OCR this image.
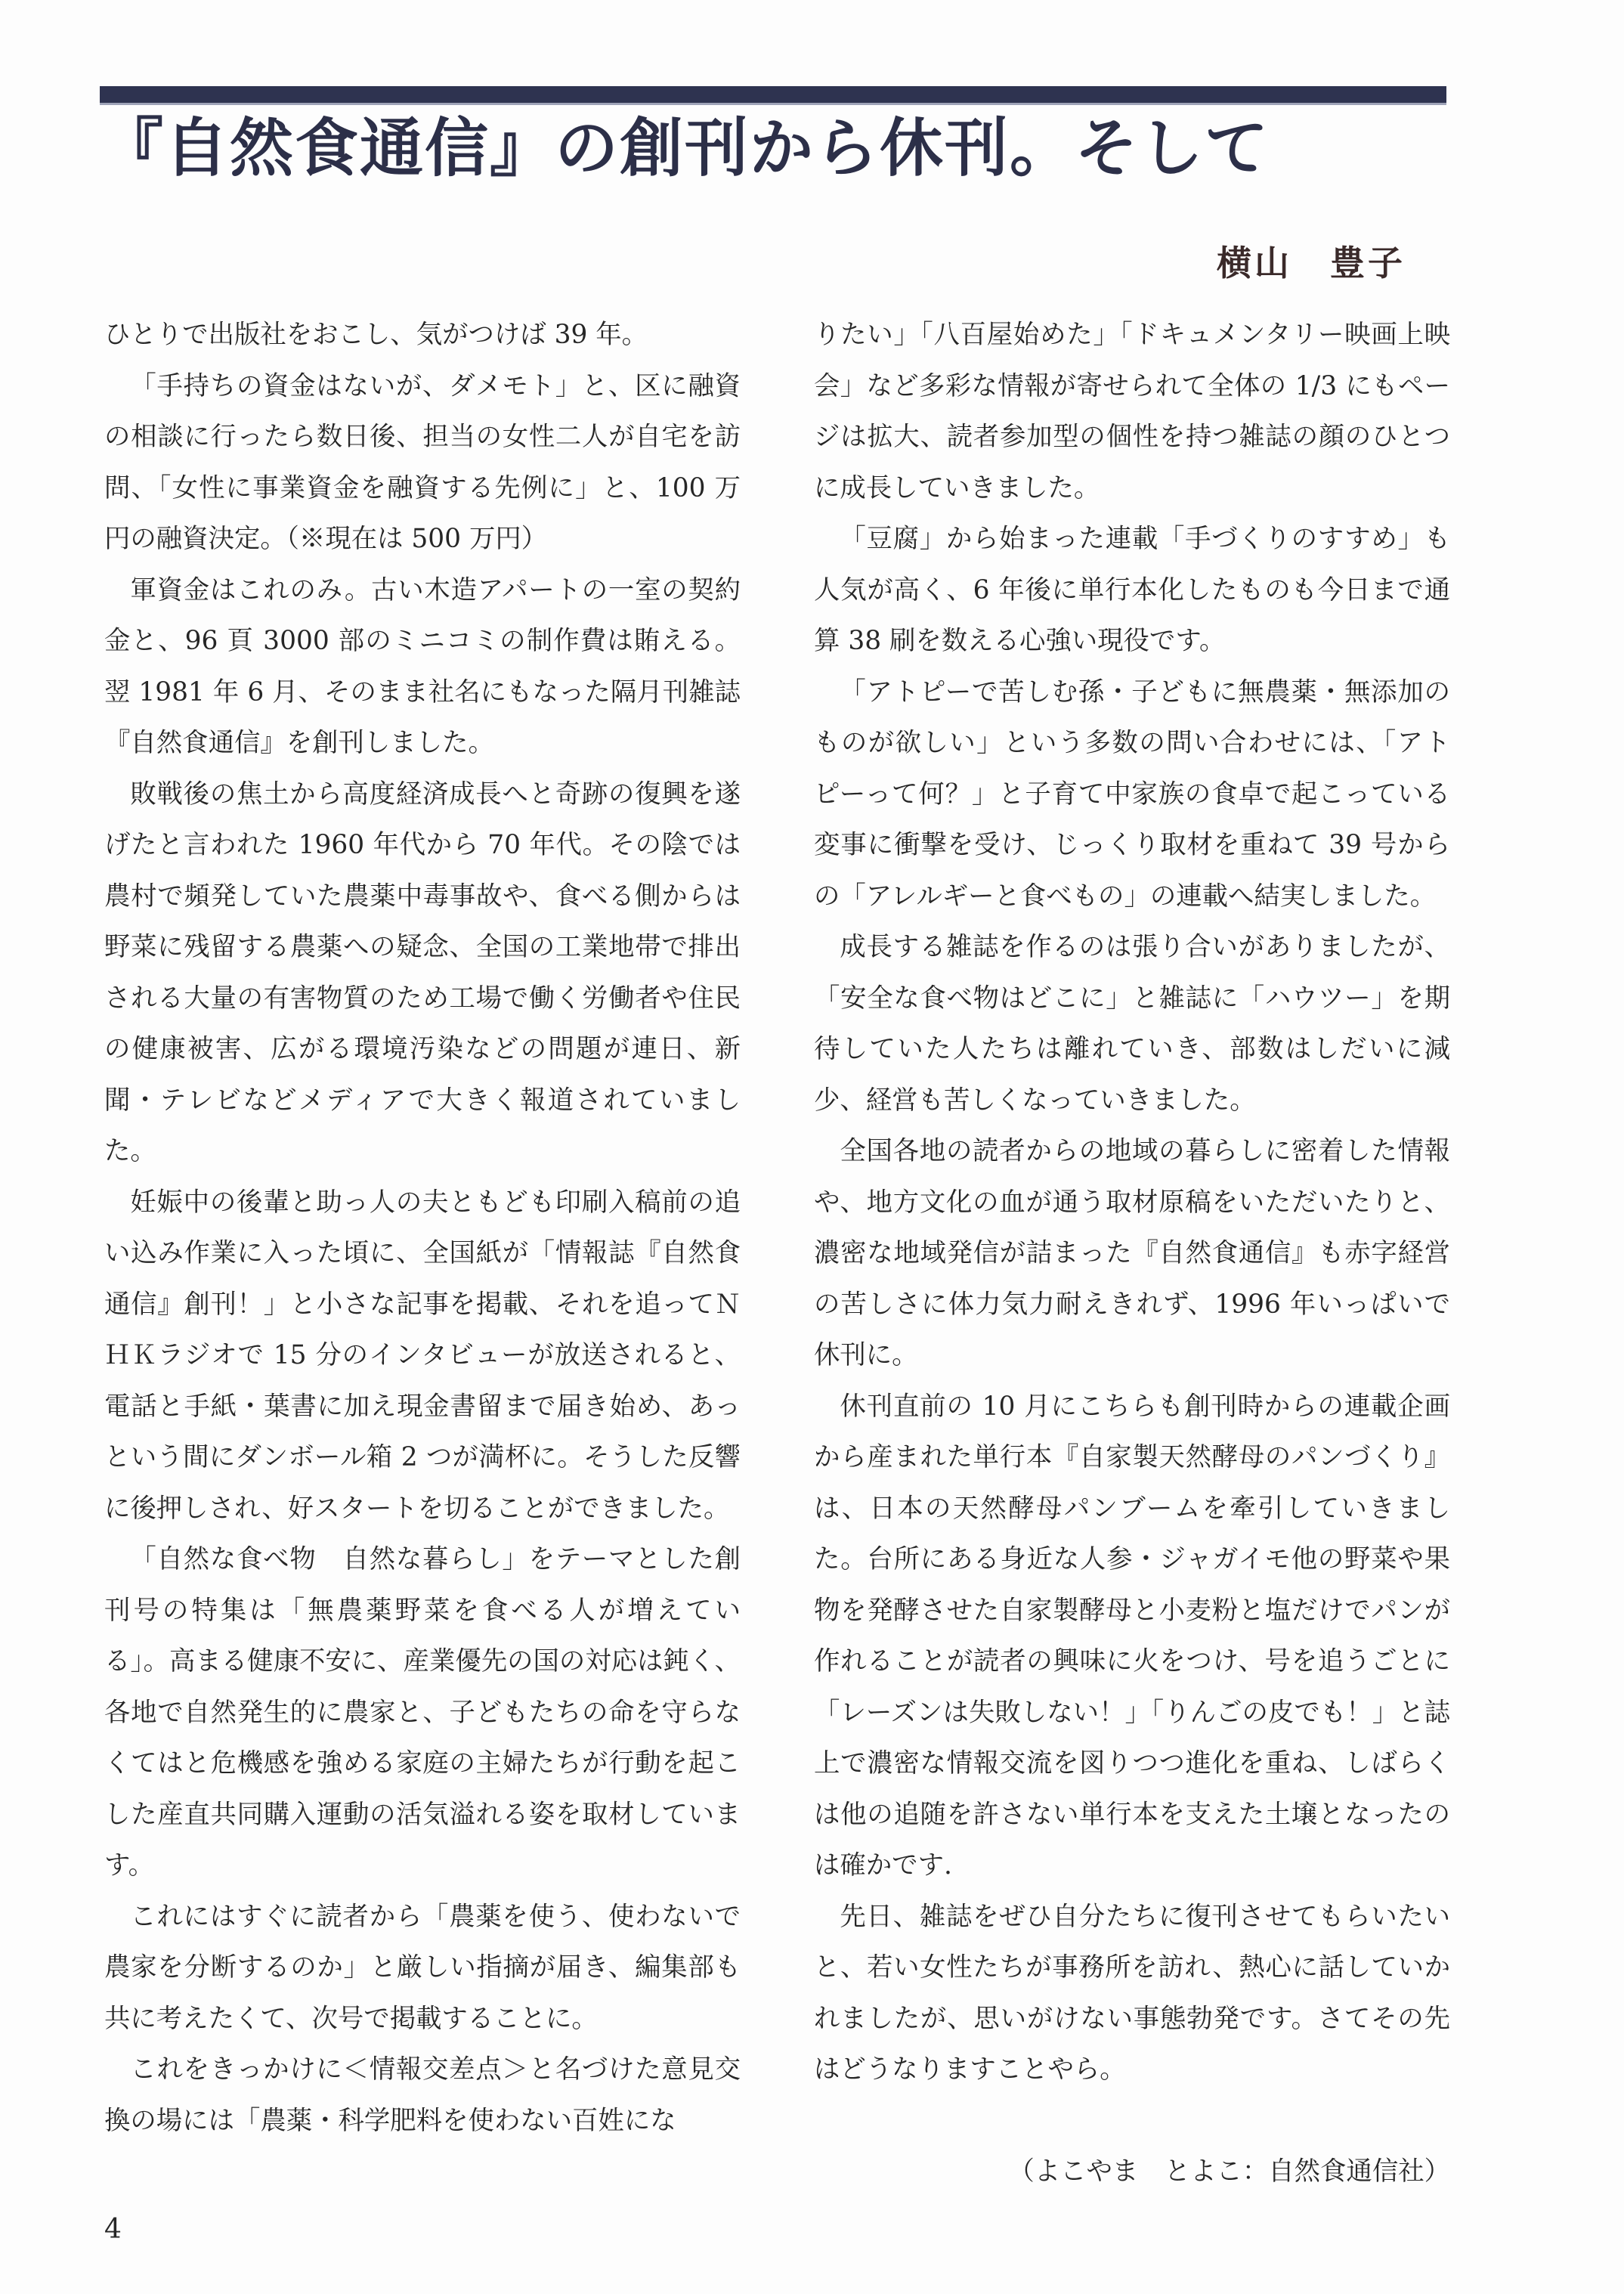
『自然食通信』の創刊から休刊。そして
横山　豊子

ひとりで出版社をおこし、気がつけば 39 年。

「手持ちの資金はないが、ダメモト」と、区に融資の相談に行ったら数日後、担当の女性二人が自宅を訪問、「女性に事業資金を融資する先例に」と、100 万円の融資決定。（※現在は 500 万円）

軍資金はこれのみ。古い木造アパートの一室の契約金と、96 頁 3000 部のミニコミの制作費は賄える。翌 1981 年 6 月、そのまま社名にもなった隔月刊雑誌『自然食通信』を創刊しました。

敗戦後の焦土から高度経済成長へと奇跡の復興を遂げたと言われた 1960 年代から 70 年代。その陰では農村で頻発していた農薬中毒事故や、食べる側からは野菜に残留する農薬への疑念、全国の工業地帯で排出される大量の有害物質のため工場で働く労働者や住民の健康被害、広がる環境汚染などの問題が連日、新聞・テレビなどメディアで大きく報道されていました。

妊娠中の後輩と助っ人の夫ともども印刷入稿前の追い込み作業に入った頃に、全国紙が「情報誌『自然食通信』創刊！」と小さな記事を掲載、それを追ってＮＨＫラジオで 15 分のインタビューが放送されると、電話と手紙・葉書に加え現金書留まで届き始め、あっという間にダンボール箱 2 つが満杯に。そうした反響に後押しされ、好スタートを切ることができました。

「自然な食べ物　自然な暮らし」をテーマとした創刊号の特集は「無農薬野菜を食べる人が増えている」。高まる健康不安に、産業優先の国の対応は鈍く、各地で自然発生的に農家と、子どもたちの命を守らなくてはと危機感を強める家庭の主婦たちが行動を起こした産直共同購入運動の活気溢れる姿を取材しています。

これにはすぐに読者から「農薬を使う、使わないで農家を分断するのか」と厳しい指摘が届き、編集部も共に考えたくて、次号で掲載することに。

これをきっかけに＜情報交差点＞と名づけた意見交換の場には「農薬・科学肥料を使わない百姓にな

りたい」「八百屋始めた」「ドキュメンタリー映画上映会」など多彩な情報が寄せられて全体の 1/3 にもページは拡大、読者参加型の個性を持つ雑誌の顔のひとつに成長していきました。

「豆腐」から始まった連載「手づくりのすすめ」も人気が高く、6 年後に単行本化したものも今日まで通算 38 刷を数える心強い現役です。

「アトピーで苦しむ孫・子どもに無農薬・無添加のものが欲しい」という多数の問い合わせには、「アトピーって何？」と子育て中家族の食卓で起こっている変事に衝撃を受け、じっくり取材を重ねて 39 号からの「アレルギーと食べもの」の連載へ結実しました。

成長する雑誌を作るのは張り合いがありましたが、「安全な食べ物はどこに」と雑誌に「ハウツー」を期待していた人たちは離れていき、部数はしだいに減少、経営も苦しくなっていきました。

全国各地の読者からの地域の暮らしに密着した情報や、地方文化の血が通う取材原稿をいただいたりと、濃密な地域発信が詰まった『自然食通信』も赤字経営の苦しさに体力気力耐えきれず、1996 年いっぱいで休刊に。

休刊直前の 10 月にこちらも創刊時からの連載企画から産まれた単行本『自家製天然酵母のパンづくり』は、日本の天然酵母パンブームを牽引していきました。台所にある身近な人参・ジャガイモ他の野菜や果物を発酵させた自家製酵母と小麦粉と塩だけでパンが作れることが読者の興味に火をつけ、号を追うごとに「レーズンは失敗しない！」「りんごの皮でも！」と誌上で濃密な情報交流を図りつつ進化を重ね、しばらくは他の追随を許さない単行本を支えた土壌となったのは確かです.

先日、雑誌をぜひ自分たちに復刊させてもらいたいと、若い女性たちが事務所を訪れ、熱心に話していかれましたが、思いがけない事態勃発です。さてその先はどうなりますことやら。

（よこやま　とよこ：自然食通信社）
4
